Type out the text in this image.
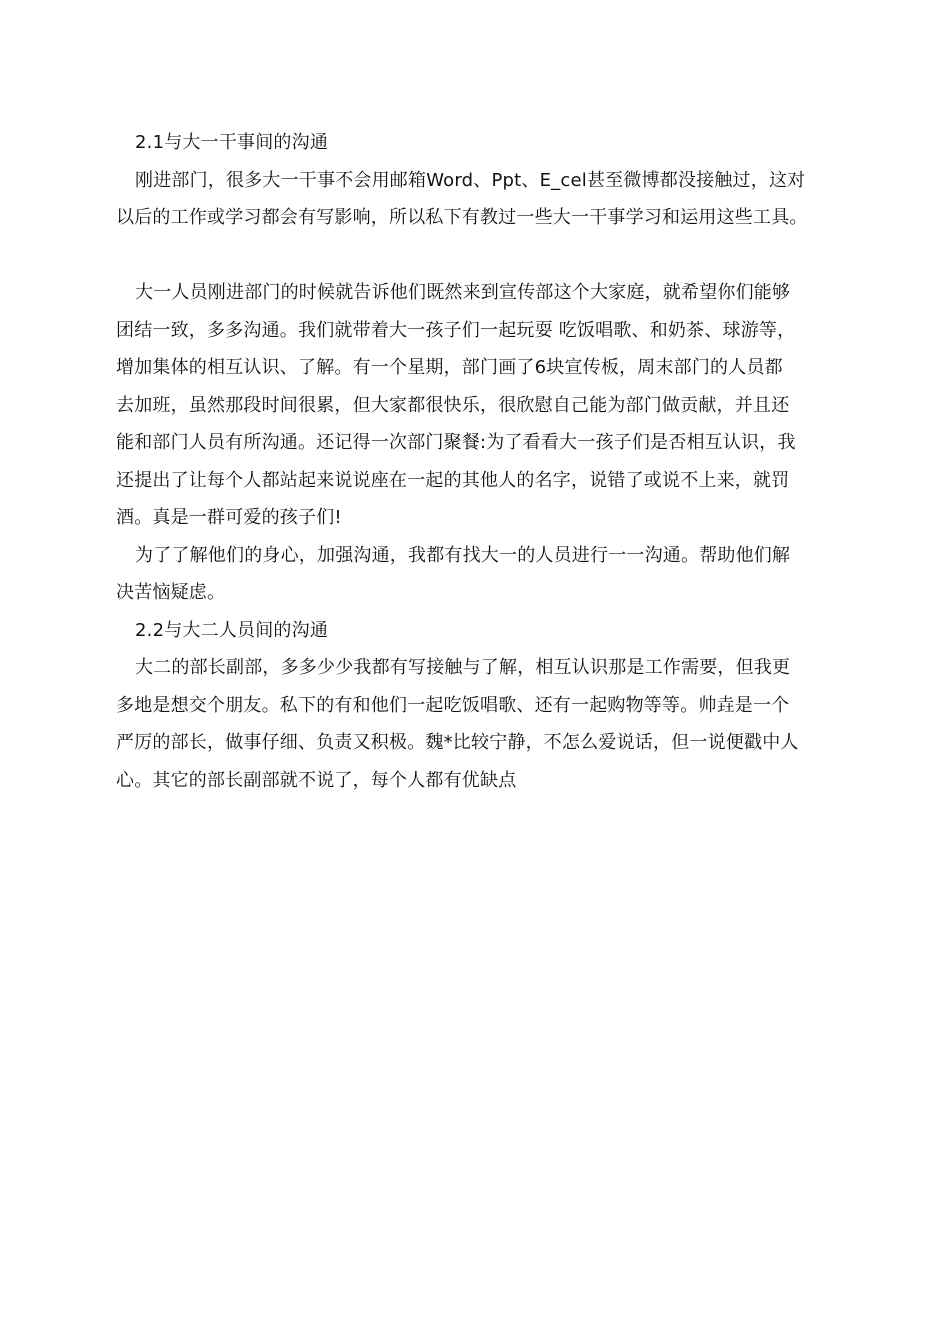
2.1与大一干事间的沟通
刚进部门，很多大一干事不会用邮箱Word、Ppt、E_cel甚至微博都没接触过，这对
以后的工作或学习都会有写影响，所以私下有教过一些大一干事学习和运用这些工具。
大一人员刚进部门的时候就告诉他们既然来到宣传部这个大家庭，就希望你们能够
团结一致，多多沟通。我们就带着大一孩子们一起玩耍 吃饭唱歌、和奶茶、球游等，
增加集体的相互认识、了解。有一个星期，部门画了6块宣传板，周末部门的人员都
去加班，虽然那段时间很累，但大家都很快乐，很欣慰自己能为部门做贡献，并且还
能和部门人员有所沟通。还记得一次部门聚餐:为了看看大一孩子们是否相互认识，我
还提出了让每个人都站起来说说座在一起的其他人的名字，说错了或说不上来，就罚
酒。真是一群可爱的孩子们!
为了了解他们的身心，加强沟通，我都有找大一的人员进行一一沟通。帮助他们解
决苦恼疑虑。
2.2与大二人员间的沟通
大二的部长副部，多多少少我都有写接触与了解，相互认识那是工作需要，但我更
多地是想交个朋友。私下的有和他们一起吃饭唱歌、还有一起购物等等。帅垚是一个
严厉的部长，做事仔细、负责又积极。魏*比较宁静，不怎么爱说话，但一说便戳中人
心。其它的部长副部就不说了，每个人都有优缺点
